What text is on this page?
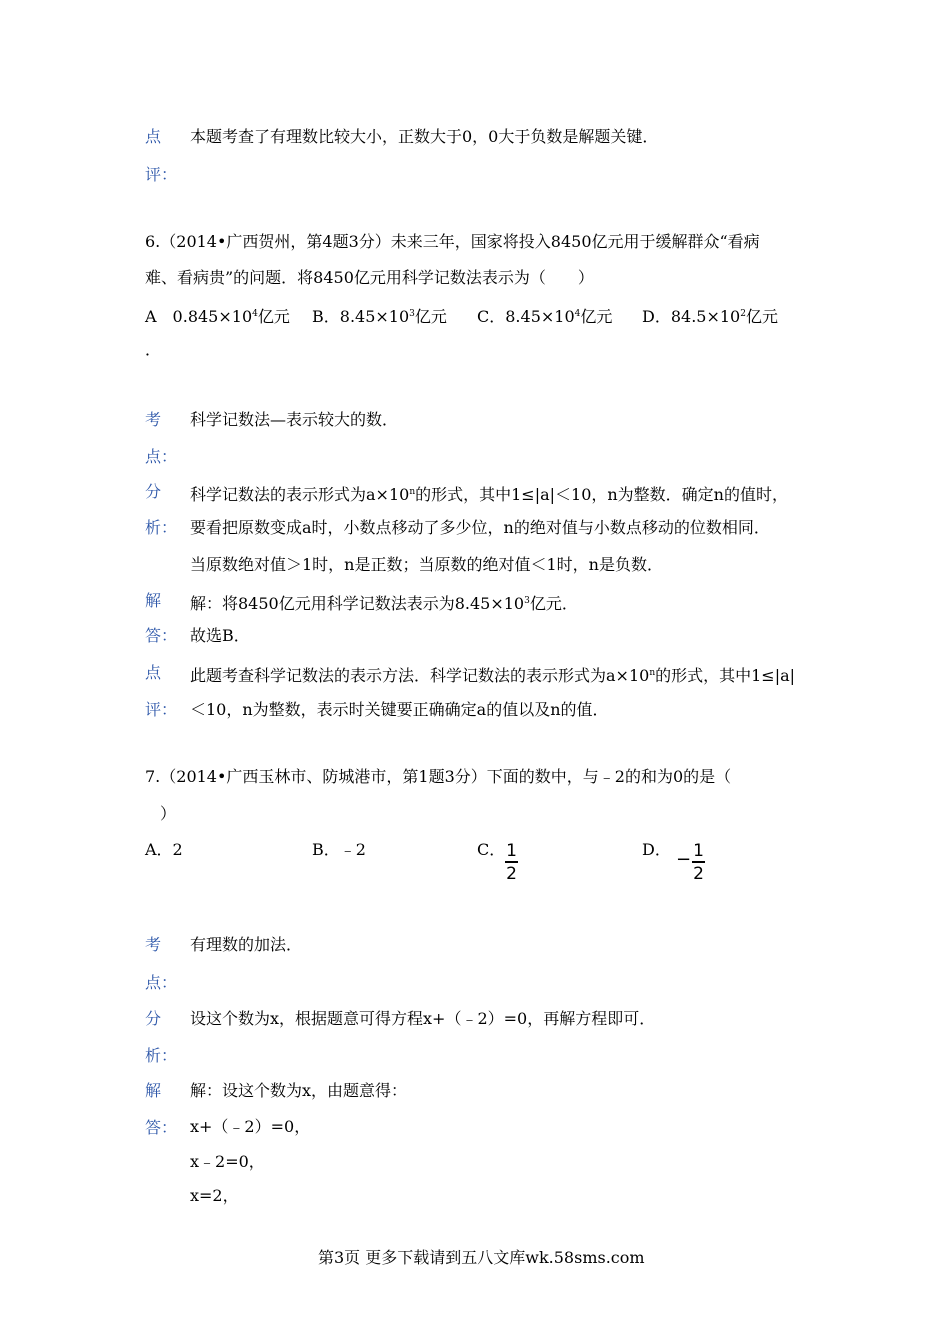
点 本题考查了有理数比较大小，正数大于0，0大于负数是解题关键．
评：
6.（2014•广西贺州，第4题3分）未来三年，国家将投入8450亿元用于缓解群众“看病
难、看病贵”的问题．将8450亿元用科学记数法表示为（　　）
A　$0.845\times 10^4$亿元 B．$8.45\times 10^3$亿元 C．$8.45\times 10^4$亿元 D．$84.5\times 10^2$亿元
．
考 科学记数法—表示较大的数．
点：
分 科学记数法的表示形式为$a\times 10^n$的形式，其中1≤|a|＜10，n为整数．确定n的值时，
析： 要看把原数变成a时，小数点移动了多少位，n的绝对值与小数点移动的位数相同．
当原数绝对值＞1时，n是正数；当原数的绝对值＜1时，n是负数．
解 解：将8450亿元用科学记数法表示为$8.45\times 10^3$亿元．
答： 故选B．
点 此题考查科学记数法的表示方法．科学记数法的表示形式为$a\times 10^n$的形式，其中1≤|a|
评： ＜10，n为整数，表示时关键要正确确定a的值以及n的值．
7.（2014•广西玉林市、防城港市，第1题3分）下面的数中，与﹣2的和为0的是（
）
A．2	B．﹣2	C． 1
2
D． − 1
2
考 有理数的加法．
点：
分 设这个数为x，根据题意可得方程x+（﹣2）=0，再解方程即可．
析：
解 解：设这个数为x，由题意得：
答： x+（﹣2）=0，
x﹣2=0，
x=2，
第3页 更多下载请到五八文库wk.58sms.com
